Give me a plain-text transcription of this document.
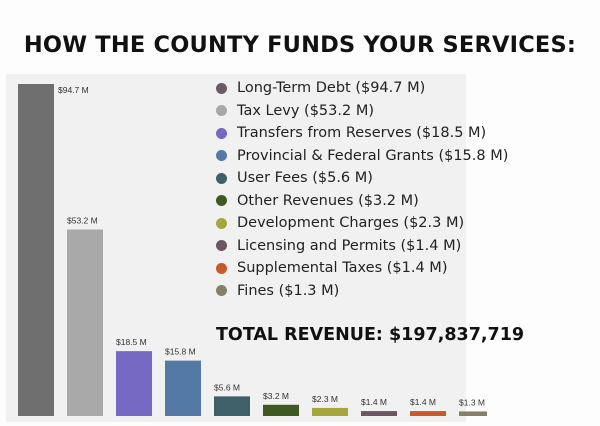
HOW THE COUNTY FUNDS YOUR SERVICES:
$94.7 M
$53.2 M
$18.5 M
$15.8 M
$5.6 M
$3.2 M	$2.3 M	$1.4 M	$1.4 M	$1.3 M
Long-Term Debt ($94.7 M)
Tax Levy ($53.2 M)
Transfers from Reserves ($18.5 M)
Provincial & Federal Grants ($15.8 M)
User Fees ($5.6 M)
Other Revenues ($3.2 M)
Development Charges ($2.3 M)
Licensing and Permits ($1.4 M)
Supplemental Taxes ($1.4 M)
Fines ($1.3 M)
TOTAL REVENUE: $197,837,719
